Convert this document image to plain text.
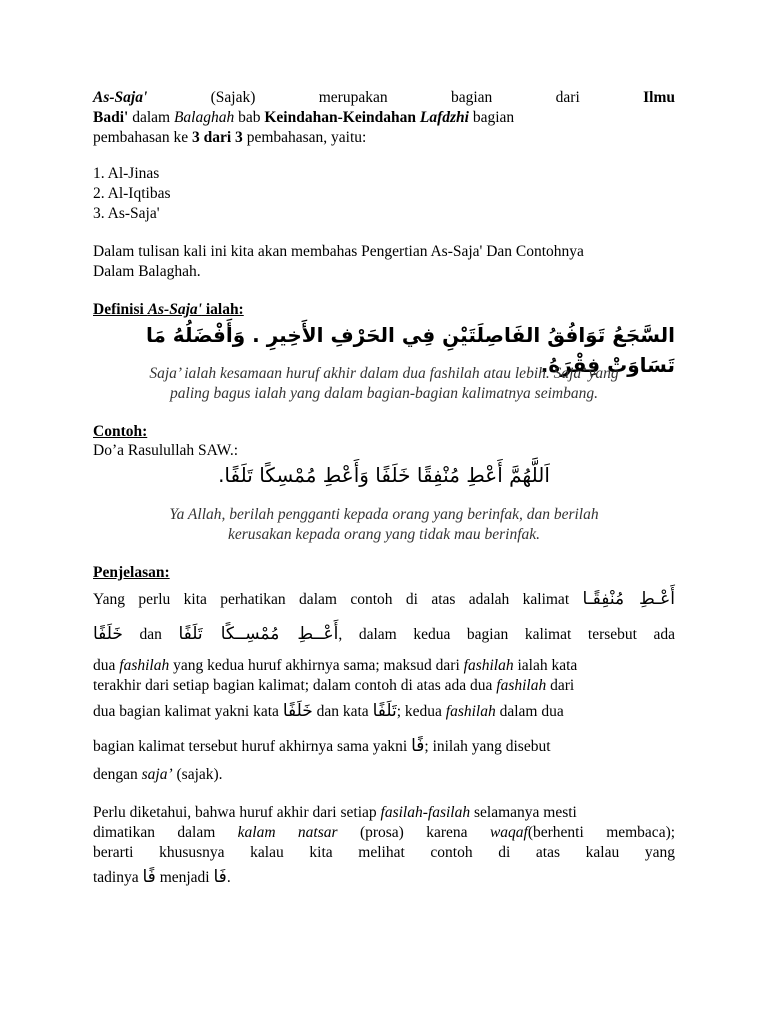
As-Saja'	(Sajak)	merupakan	bagian	dari	Ilmu

Badi' dalam Balaghah bab Keindahan-Keindahan Lafdzhi bagian

pembahasan ke 3 dari 3 pembahasan, yaitu:

1. Al-Jinas

2. Al-Iqtibas

3. As-Saja'

Dalam tulisan kali ini kita akan membahas Pengertian As-Saja' Dan Contohnya

Dalam Balaghah.

Definisi As-Saja' ialah:

السَّجَعُ تَوَافُقُ الفَاصِلَتَيْنِ فِي الحَرْفِ الأَخِيرِ . وَأَفْضَلُهُ مَا تَسَاوَتْ فِقْرَهُ.

Saja’ ialah kesamaan huruf akhir dalam dua fashilah atau lebih. Saja’ yang

paling bagus ialah yang dalam bagian-bagian kalimatnya seimbang.

Contoh:

Do’a Rasulullah SAW.:

اَللَّهُمَّ أَعْطِ مُنْفِقًا خَلَفًا وَأَعْطِ مُمْسِكًا تَلَفًا.

Ya Allah, berilah pengganti kepada orang yang berinfak, dan berilah

kerusakan kepada orang yang tidak mau berinfak.

Penjelasan:

Yang perlu kita perhatikan dalam contoh di atas adalah kalimat أَعْـطِ مُنْفِقًـا

خَلَفًا dan أَعْــطِ مُمْسِــكًا تَلَفًا, dalam kedua bagian kalimat tersebut ada

dua fashilah yang kedua huruf akhirnya sama; maksud dari fashilah ialah kata

terakhir dari setiap bagian kalimat; dalam contoh di atas ada dua fashilah dari

dua bagian kalimat yakni kata خَلَفًا dan kata تَلَفًا; kedua fashilah dalam dua

bagian kalimat tersebut huruf akhirnya sama yakni فًا; inilah yang disebut

dengan saja’ (sajak).

Perlu diketahui, bahwa huruf akhir dari setiap fasilah-fasilah selamanya mesti

dimatikan dalam kalam natsar (prosa) karena waqaf(berhenti membaca);

berarti khususnya kalau kita melihat contoh di atas kalau yang

tadinya فًا menjadi فَا.
